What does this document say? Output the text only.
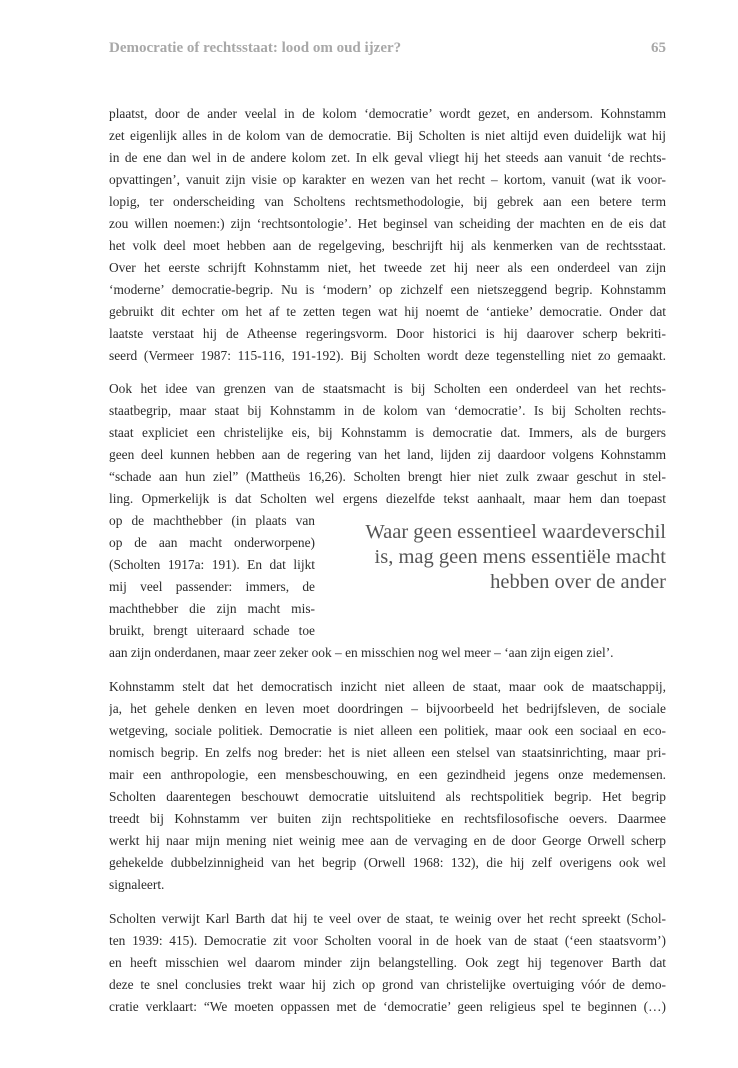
Democratie of rechtsstaat: lood om oud ijzer?	65
plaatst, door de ander veelal in de kolom ‘democratie’ wordt gezet, en andersom. Kohnstamm
zet eigenlijk alles in de kolom van de democratie. Bij Scholten is niet altijd even duidelijk wat hij
in de ene dan wel in de andere kolom zet. In elk geval vliegt hij het steeds aan vanuit ‘de rechts-
opvattingen’, vanuit zijn visie op karakter en wezen van het recht – kortom, vanuit (wat ik voor-
lopig, ter onderscheiding van Scholtens rechtsmethodologie, bij gebrek aan een betere term
zou willen noemen:) zijn ‘rechtsontologie’. Het beginsel van scheiding der machten en de eis dat
het volk deel moet hebben aan de regelgeving, beschrijft hij als kenmerken van de rechtsstaat.
Over het eerste schrijft Kohnstamm niet, het tweede zet hij neer als een onderdeel van zijn
‘moderne’ democratie-begrip. Nu is ‘modern’ op zichzelf een nietszeggend begrip. Kohnstamm
gebruikt dit echter om het af te zetten tegen wat hij noemt de ‘antieke’ democratie. Onder dat
laatste verstaat hij de Atheense regeringsvorm. Door historici is hij daarover scherp bekriti-
seerd (Vermeer 1987: 115-116, 191-192). Bij Scholten wordt deze tegenstelling niet zo gemaakt.
Ook het idee van grenzen van de staatsmacht is bij Scholten een onderdeel van het rechts-
staatbegrip, maar staat bij Kohnstamm in de kolom van ‘democratie’. Is bij Scholten rechts-
staat expliciet een christelijke eis, bij Kohnstamm is democratie dat. Immers, als de burgers
geen deel kunnen hebben aan de regering van het land, lijden zij daardoor volgens Kohnstamm
“schade aan hun ziel” (Mattheüs 16,26). Scholten brengt hier niet zulk zwaar geschut in stel-
ling. Opmerkelijk is dat Scholten wel ergens diezelfde tekst aanhaalt, maar hem dan toepast
op de machthebber (in plaats van
op de aan macht onderworpene)
(Scholten 1917a: 191). En dat lijkt
mij veel passender: immers, de
machthebber die zijn macht mis-
bruikt, brengt uiteraard schade toe
aan zijn onderdanen, maar zeer zeker ook – en misschien nog wel meer – ‘aan zijn eigen ziel’.
Waar geen essentieel waardeverschil
is, mag geen mens essentiële macht
hebben over de ander
Kohnstamm stelt dat het democratisch inzicht niet alleen de staat, maar ook de maatschappij,
ja, het gehele denken en leven moet doordringen – bijvoorbeeld het bedrijfsleven, de sociale
wetgeving, sociale politiek. Democratie is niet alleen een politiek, maar ook een sociaal en eco-
nomisch begrip. En zelfs nog breder: het is niet alleen een stelsel van staatsinrichting, maar pri-
mair een anthropologie, een mensbeschouwing, en een gezindheid jegens onze medemensen.
Scholten daarentegen beschouwt democratie uitsluitend als rechtspolitiek begrip. Het begrip
treedt bij Kohnstamm ver buiten zijn rechtspolitieke en rechtsfilosofische oevers. Daarmee
werkt hij naar mijn mening niet weinig mee aan de vervaging en de door George Orwell scherp
gehekelde dubbelzinnigheid van het begrip (Orwell 1968: 132), die hij zelf overigens ook wel
signaleert.
Scholten verwijt Karl Barth dat hij te veel over de staat, te weinig over het recht spreekt (Schol-
ten 1939: 415). Democratie zit voor Scholten vooral in de hoek van de staat (‘een staatsvorm’)
en heeft misschien wel daarom minder zijn belangstelling. Ook zegt hij tegenover Barth dat
deze te snel conclusies trekt waar hij zich op grond van christelijke overtuiging vóór de demo-
cratie verklaart: “We moeten oppassen met de ‘democratie’ geen religieus spel te beginnen (…)
